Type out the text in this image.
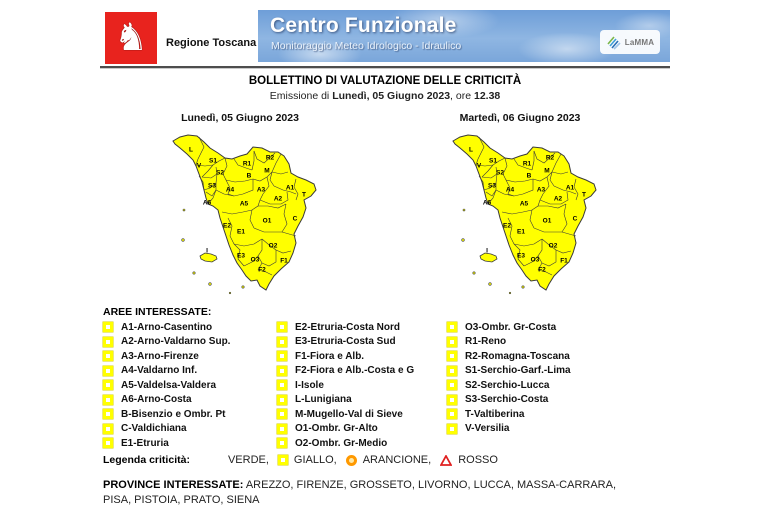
♞ Regione Toscana
Centro Funzionale
Monitoraggio Meteo Idrologico - Idraulico	LaMMA
BOLLETTINO DI VALUTAZIONE DELLE CRITICITÀ
Emissione di Lunedì, 05 Giugno 2023, ore 12.38
Lunedì, 05 Giugno 2023
L
S1
V
S2
S3
A4
R1
B
M
R2
A3	A1
T
A2
A6	A5
O1	C
E2
E1
O2
E3
O3	F1
F2
I
Martedì, 06 Giugno 2023
L
S1
V
S2
S3
A4
R1
B
M
R2
A3	A1
T
A2
A6	A5
O1	C
E2
E1
O2
E3
O3	F1
F2
I
AREE INTERESSATE:
A1-Arno-Casentino
A2-Arno-Valdarno Sup.
A3-Arno-Firenze
A4-Valdarno Inf.
A5-Valdelsa-Valdera
A6-Arno-Costa
B-Bisenzio e Ombr. Pt
C-Valdichiana
E1-Etruria
E2-Etruria-Costa Nord
E3-Etruria-Costa Sud
F1-Fiora e Alb.
F2-Fiora e Alb.-Costa e G
I-Isole
L-Lunigiana
M-Mugello-Val di Sieve
O1-Ombr. Gr-Alto
O2-Ombr. Gr-Medio
O3-Ombr. Gr-Costa
R1-Reno
R2-Romagna-Toscana
S1-Serchio-Garf.-Lima
S2-Serchio-Lucca
S3-Serchio-Costa
T-Valtiberina
V-Versilia
Legenda criticità:	VERDE, GIALLO, ARANCIONE, ROSSO
PROVINCE INTERESSATE: AREZZO, FIRENZE, GROSSETO, LIVORNO, LUCCA, MASSA-CARRARA, PISA, PISTOIA, PRATO, SIENA
